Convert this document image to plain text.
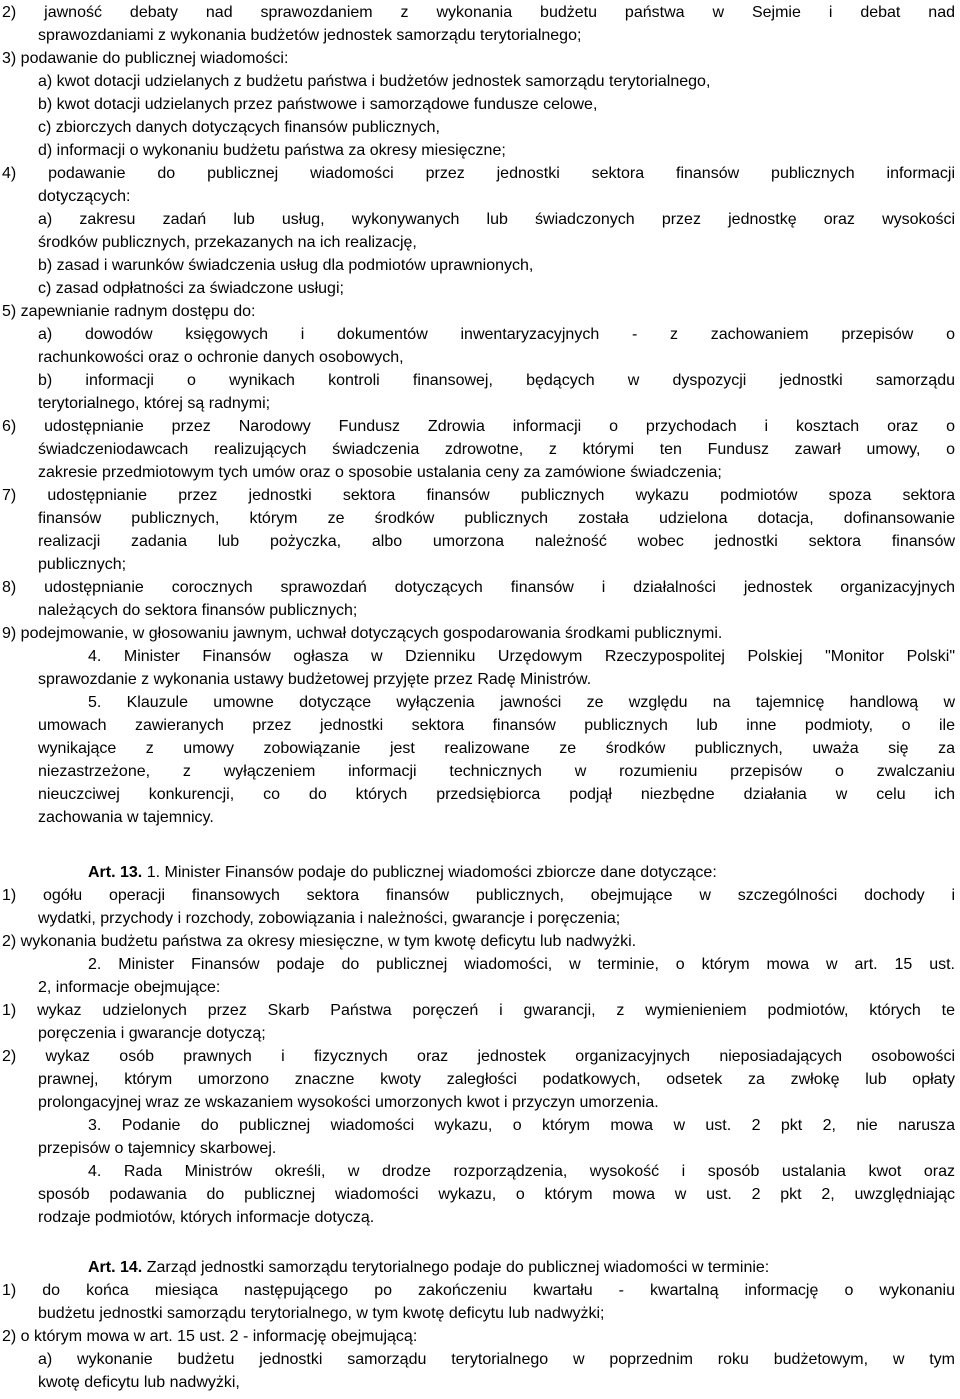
2) jawność debaty nad sprawozdaniem z wykonania budżetu państwa w Sejmie i debat nad
sprawozdaniami z wykonania budżetów jednostek samorządu terytorialnego;
3) podawanie do publicznej wiadomości:
a) kwot dotacji udzielanych z budżetu państwa i budżetów jednostek samorządu terytorialnego,
b) kwot dotacji udzielanych przez państwowe i samorządowe fundusze celowe,
c) zbiorczych danych dotyczących finansów publicznych,
d) informacji o wykonaniu budżetu państwa za okresy miesięczne;
4) podawanie do publicznej wiadomości przez jednostki sektora finansów publicznych informacji
dotyczących:
a) zakresu zadań lub usług, wykonywanych lub świadczonych przez jednostkę oraz wysokości
środków publicznych, przekazanych na ich realizację,
b) zasad i warunków świadczenia usług dla podmiotów uprawnionych,
c) zasad odpłatności za świadczone usługi;
5) zapewnianie radnym dostępu do:
a) dowodów księgowych i dokumentów inwentaryzacyjnych - z zachowaniem przepisów o
rachunkowości oraz o ochronie danych osobowych,
b) informacji o wynikach kontroli finansowej, będących w dyspozycji jednostki samorządu
terytorialnego, której są radnymi;
6) udostępnianie przez Narodowy Fundusz Zdrowia informacji o przychodach i kosztach oraz o
świadczeniodawcach realizujących świadczenia zdrowotne, z którymi ten Fundusz zawarł umowy, o
zakresie przedmiotowym tych umów oraz o sposobie ustalania ceny za zamówione świadczenia;
7) udostępnianie przez jednostki sektora finansów publicznych wykazu podmiotów spoza sektora
finansów publicznych, którym ze środków publicznych została udzielona dotacja, dofinansowanie
realizacji zadania lub pożyczka, albo umorzona należność wobec jednostki sektora finansów
publicznych;
8) udostępnianie corocznych sprawozdań dotyczących finansów i działalności jednostek organizacyjnych
należących do sektora finansów publicznych;
9) podejmowanie, w głosowaniu jawnym, uchwał dotyczących gospodarowania środkami publicznymi.
4. Minister Finansów ogłasza w Dzienniku Urzędowym Rzeczypospolitej Polskiej "Monitor Polski"
sprawozdanie z wykonania ustawy budżetowej przyjęte przez Radę Ministrów.
5. Klauzule umowne dotyczące wyłączenia jawności ze względu na tajemnicę handlową w
umowach zawieranych przez jednostki sektora finansów publicznych lub inne podmioty, o ile
wynikające z umowy zobowiązanie jest realizowane ze środków publicznych, uważa się za
niezastrzeżone, z wyłączeniem informacji technicznych w rozumieniu przepisów o zwalczaniu
nieuczciwej konkurencji, co do których przedsiębiorca podjął niezbędne działania w celu ich
zachowania w tajemnicy.
Art. 13. 1. Minister Finansów podaje do publicznej wiadomości zbiorcze dane dotyczące:
1) ogółu operacji finansowych sektora finansów publicznych, obejmujące w szczególności dochody i
wydatki, przychody i rozchody, zobowiązania i należności, gwarancje i poręczenia;
2) wykonania budżetu państwa za okresy miesięczne, w tym kwotę deficytu lub nadwyżki.
2. Minister Finansów podaje do publicznej wiadomości, w terminie, o którym mowa w art. 15 ust.
2, informacje obejmujące:
1) wykaz udzielonych przez Skarb Państwa poręczeń i gwarancji, z wymienieniem podmiotów, których te
poręczenia i gwarancje dotyczą;
2) wykaz osób prawnych i fizycznych oraz jednostek organizacyjnych nieposiadających osobowości
prawnej, którym umorzono znaczne kwoty zaległości podatkowych, odsetek za zwłokę lub opłaty
prolongacyjnej wraz ze wskazaniem wysokości umorzonych kwot i przyczyn umorzenia.
3. Podanie do publicznej wiadomości wykazu, o którym mowa w ust. 2 pkt 2, nie narusza
przepisów o tajemnicy skarbowej.
4. Rada Ministrów określi, w drodze rozporządzenia, wysokość i sposób ustalania kwot oraz
sposób podawania do publicznej wiadomości wykazu, o którym mowa w ust. 2 pkt 2, uwzględniając
rodzaje podmiotów, których informacje dotyczą.
Art. 14. Zarząd jednostki samorządu terytorialnego podaje do publicznej wiadomości w terminie:
1) do końca miesiąca następującego po zakończeniu kwartału - kwartalną informację o wykonaniu
budżetu jednostki samorządu terytorialnego, w tym kwotę deficytu lub nadwyżki;
2) o którym mowa w art. 15 ust. 2 - informację obejmującą:
a) wykonanie budżetu jednostki samorządu terytorialnego w poprzednim roku budżetowym, w tym
kwotę deficytu lub nadwyżki,
